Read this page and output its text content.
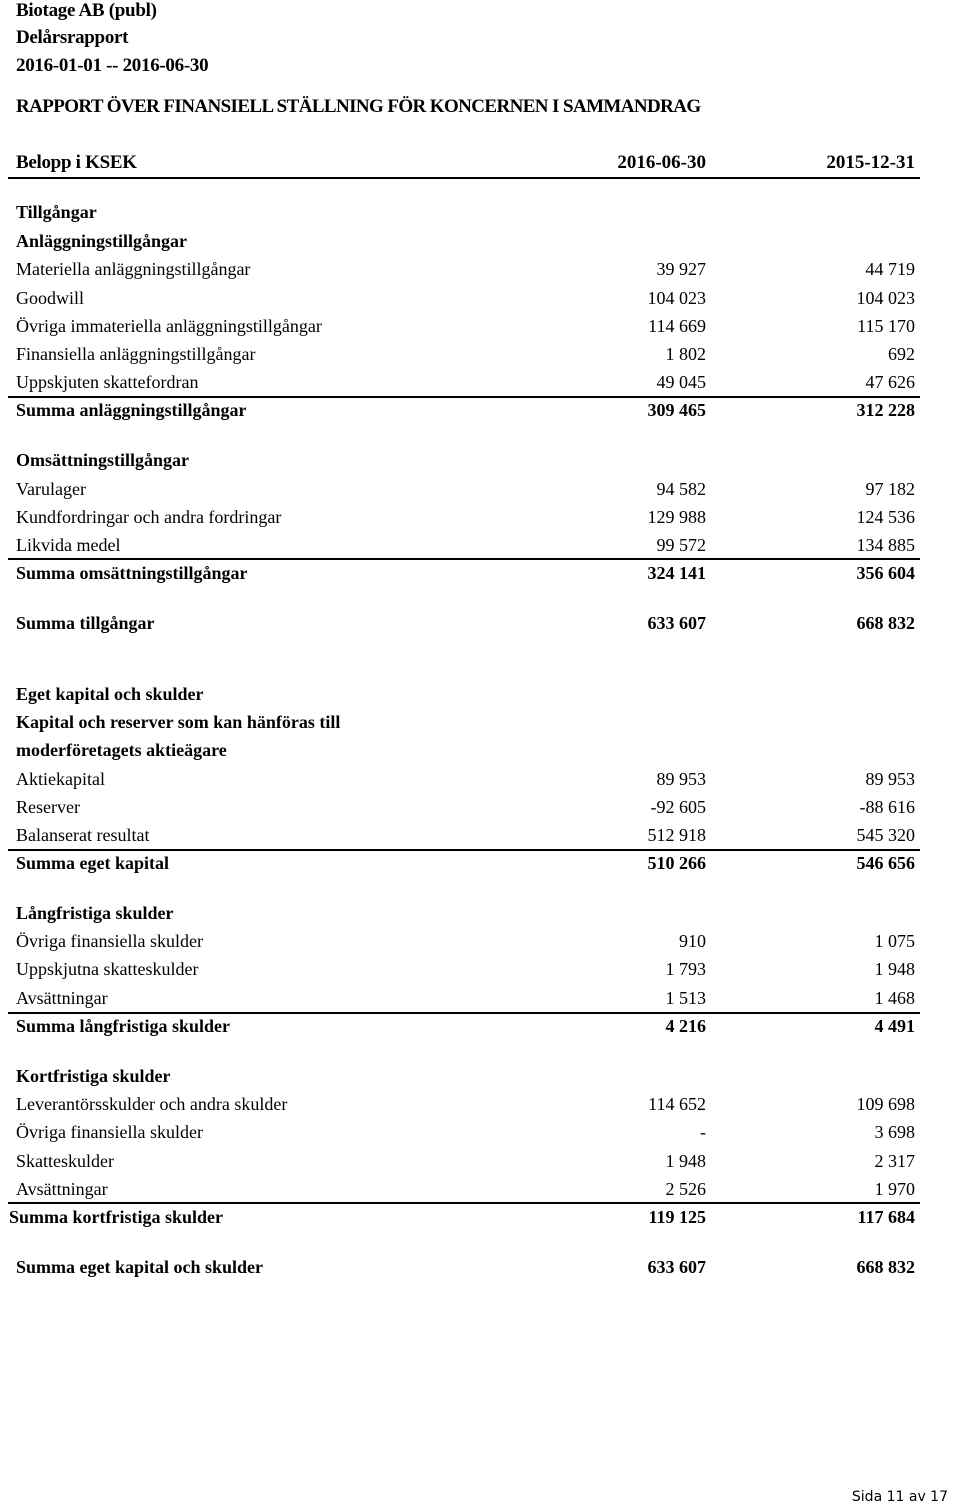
Biotage AB (publ)
Delårsrapport
2016-01-01 -- 2016-06-30
RAPPORT ÖVER FINANSIELL STÄLLNING FÖR KONCERNEN I SAMMANDRAG
Belopp i KSEK	2016-06-30	2015-12-31
Tillgångar
Anläggningstillgångar
Materiella anläggningstillgångar	39 927	44 719
Goodwill	104 023	104 023
Övriga immateriella anläggningstillgångar	114 669	115 170
Finansiella anläggningstillgångar	1 802	692
Uppskjuten skattefordran	49 045	47 626
Summa anläggningstillgångar	309 465	312 228
Omsättningstillgångar
Varulager	94 582	97 182
Kundfordringar och andra fordringar	129 988	124 536
Likvida medel	99 572	134 885
Summa omsättningstillgångar	324 141	356 604
Summa tillgångar	633 607	668 832
Eget kapital och skulder
Kapital och reserver som kan hänföras till
moderföretagets aktieägare
Aktiekapital	89 953	89 953
Reserver	-92 605	-88 616
Balanserat resultat	512 918	545 320
Summa eget kapital	510 266	546 656
Långfristiga skulder
Övriga finansiella skulder	910	1 075
Uppskjutna skatteskulder	1 793	1 948
Avsättningar	1 513	1 468
Summa långfristiga skulder	4 216	4 491
Kortfristiga skulder
Leverantörsskulder och andra skulder	114 652	109 698
Övriga finansiella skulder	-	3 698
Skatteskulder	1 948	2 317
Avsättningar	2 526	1 970
Summa kortfristiga skulder	119 125	117 684
Summa eget kapital och skulder	633 607	668 832
Sida 11 av 17
